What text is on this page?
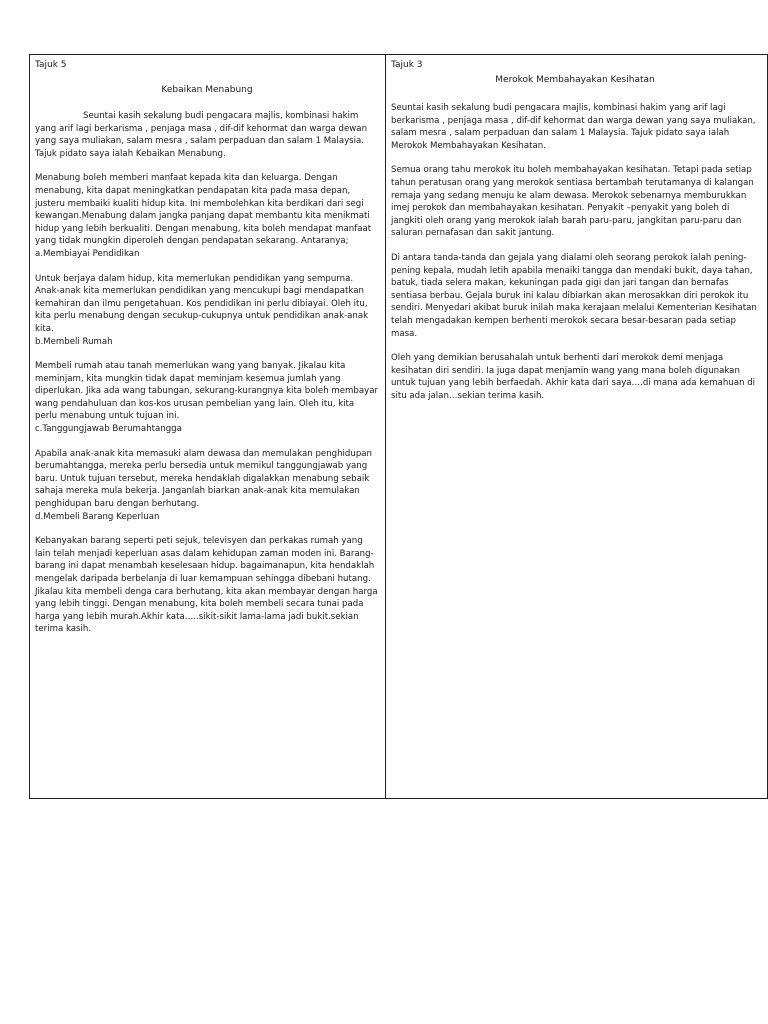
Tajuk 5

Kebaikan Menabung

Seuntai kasih sekalung budi pengacara majlis, kombinasi hakim yang arif lagi berkarisma , penjaga masa , dif-dif kehormat dan warga dewan yang saya muliakan, salam mesra , salam perpaduan dan salam 1 Malaysia. Tajuk pidato saya ialah Kebaikan Menabung.

Menabung boleh memberi manfaat kepada kita dan keluarga. Dengan menabung, kita dapat meningkatkan pendapatan kita pada masa depan, justeru membaiki kualiti hidup kita. Ini membolehkan kita berdikari dari segi kewangan.Menabung dalam jangka panjang dapat membantu kita menikmati hidup yang lebih berkualiti. Dengan menabung, kita boleh mendapat manfaat yang tidak mungkin diperoleh dengan pendapatan sekarang. Antaranya;

a.Membiayai Pendidikan

Untuk berjaya dalam hidup, kita memerlukan pendidikan yang sempurna. Anak-anak kita memerlukan pendidikan yang mencukupi bagi mendapatkan kemahiran dan ilmu pengetahuan. Kos pendidikan ini perlu dibiayai. Oleh itu, kita perlu menabung dengan secukup-cukupnya untuk pendidikan anak-anak kita.

b.Membeli Rumah

Membeli rumah atau tanah memerlukan wang yang banyak. Jikalau kita meminjam, kita mungkin tidak dapat meminjam kesemua jumlah yang diperlukan. Jika ada wang tabungan, sekurang-kurangnya kita boleh membayar wang pendahuluan dan kos-kos urusan pembelian yang lain. Oleh itu, kita perlu menabung untuk tujuan ini.

c.Tanggungjawab Berumahtangga

Apabila anak-anak kita memasuki alam dewasa dan memulakan penghidupan berumahtangga, mereka perlu bersedia untuk memikul tanggungjawab yang baru. Untuk tujuan tersebut, mereka hendaklah digalakkan menabung sebaik sahaja mereka mula bekerja. Janganlah biarkan anak-anak kita memulakan penghidupan baru dengan berhutang.

d.Membeli Barang Keperluan

Kebanyakan barang seperti peti sejuk, televisyen dan perkakas rumah yang lain telah menjadi keperluan asas dalam kehidupan zaman moden ini. Barang-barang ini dapat menambah keselesaan hidup. bagaimanapun, kita hendaklah mengelak daripada berbelanja di luar kemampuan sehingga dibebani hutang. Jikalau kita membeli denga cara berhutang, kita akan membayar dengan harga yang lebih tinggi. Dengan menabung, kita boleh membeli secara tunai pada harga yang lebih murah.Akhir kata…..sikit-sikit lama-lama jadi bukit.sekian terima kasih.

Tajuk 3

Merokok Membahayakan Kesihatan

Seuntai kasih sekalung budi pengacara majlis, kombinasi hakim yang arif lagi berkarisma , penjaga masa , dif-dif kehormat dan warga dewan yang saya muliakan, salam mesra , salam perpaduan dan salam 1 Malaysia. Tajuk pidato saya ialah Merokok Membahayakan Kesihatan.

Semua orang tahu merokok itu boleh membahayakan kesihatan. Tetapi pada setiap tahun peratusan orang yang merokok sentiasa bertambah terutamanya di kalangan remaja yang sedang menuju ke alam dewasa. Merokok sebenarnya memburukkan imej perokok dan membahayakan kesihatan. Penyakit –penyakit yang boleh di jangkiti oleh orang yang merokok ialah barah paru-paru, jangkitan paru-paru dan saluran pernafasan dan sakit jantung.

Di antara tanda-tanda dan gejala yang dialami oleh seorang perokok ialah pening-pening kepala, mudah letih apabila menaiki tangga dan mendaki bukit, daya tahan, batuk, tiada selera makan, kekuningan pada gigi dan jari tangan dan bernafas sentiasa berbau. Gejala buruk ini kalau dibiarkan akan merosakkan diri perokok itu sendiri. Menyedari akibat buruk inilah maka kerajaan melalui Kementerian Kesihatan telah mengadakan kempen berhenti merokok secara besar-besaran pada setiap masa.

Oleh yang demikian berusahalah untuk berhenti dari merokok demi menjaga kesihatan diri sendiri. Ia juga dapat menjamin wang yang mana boleh digunakan untuk tujuan yang lebih berfaedah. Akhir kata dari saya….di mana ada kemahuan di situ ada jalan…sekian terima kasih.
